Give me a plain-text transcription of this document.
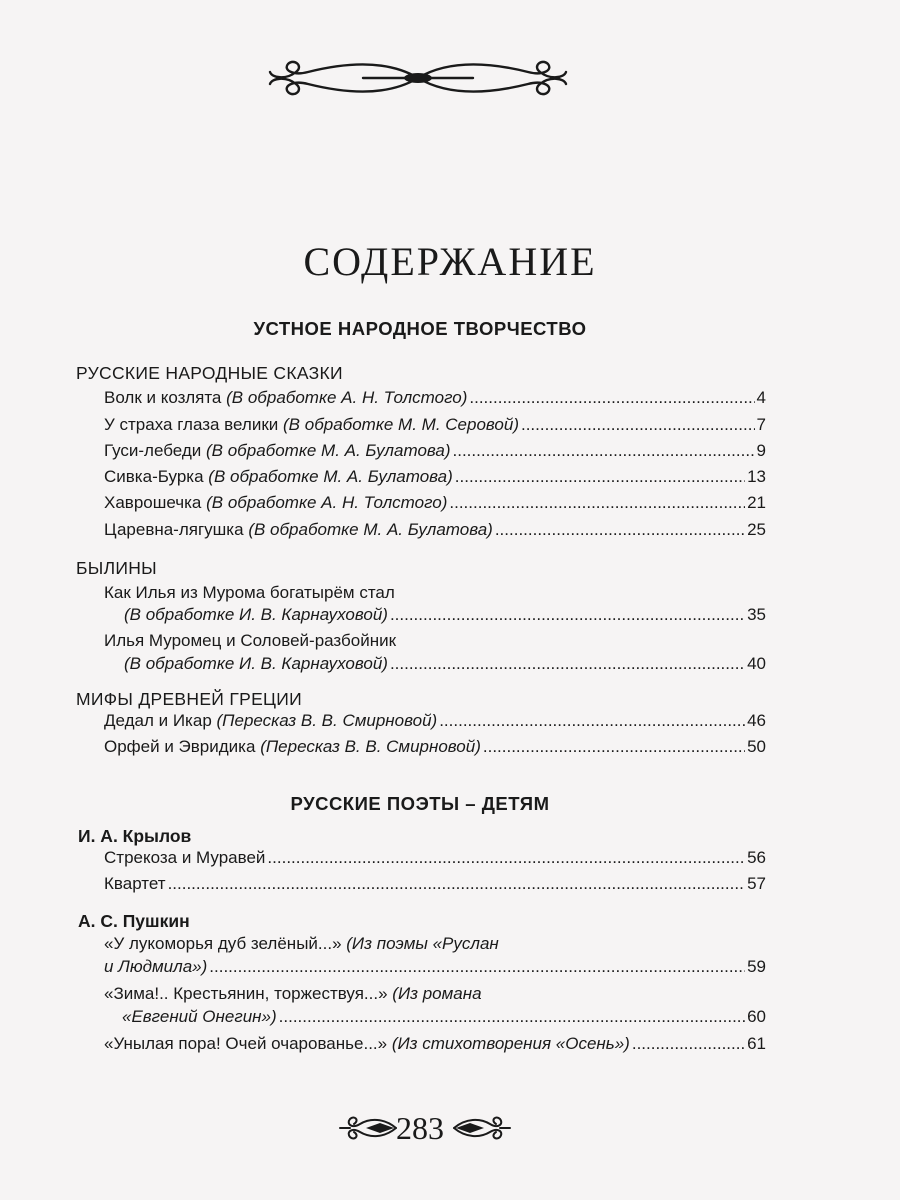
СОДЕРЖАНИЕ
УСТНОЕ НАРОДНОЕ ТВОРЧЕСТВО
РУССКИЕ НАРОДНЫЕ СКАЗКИ
Волк и козлята (В обработке А. Н. Толстого) .....	4
У страха глаза велики (В обработке М. М. Серовой) .....	7
Гуси-лебеди (В обработке М. А. Булатова) .....	9
Сивка-Бурка (В обработке М. А. Булатова) .....	13
Хаврошечка (В обработке А. Н. Толстого) .....	21
Царевна-лягушка (В обработке М. А. Булатова) .....	25
БЫЛИНЫ
Как Илья из Мурома богатырём стал
(В обработке И. В. Карнауховой) .....	35
Илья Муромец и Соловей-разбойник
(В обработке И. В. Карнауховой) .....	40
МИФЫ ДРЕВНЕЙ ГРЕЦИИ
Дедал и Икар (Пересказ В. В. Смирновой) .....	46
Орфей и Эвридика (Пересказ В. В. Смирновой) .....	50
РУССКИЕ ПОЭТЫ – ДЕТЯМ
И. А. Крылов
Стрекоза и Муравей .....	56
Квартет .....	57
А. С. Пушкин
«У лукоморья дуб зелёный...» (Из поэмы «Руслан
и Людмила») .....	59
«Зима!.. Крестьянин, торжествуя...» (Из романа
«Евгений Онегин») .....	60
«Унылая пора! Очей очарованье...» (Из стихотворения «Осень») .....	61
283
